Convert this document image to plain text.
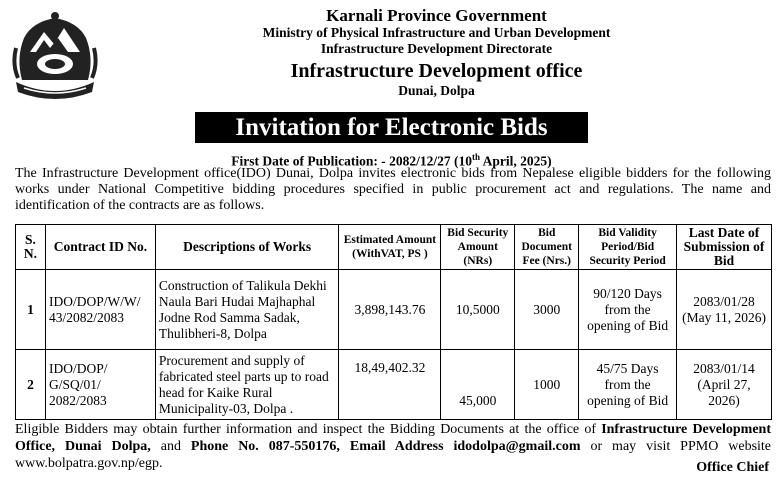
Karnali Province Government
Ministry of Physical Infrastructure and Urban Development
Infrastructure Development Directorate
Infrastructure Development office
Dunai, Dolpa
Invitation for Electronic Bids
First Date of Publication: - 2082/12/27 (10th April, 2025)
The Infrastructure Development office(IDO) Dunai, Dolpa invites electronic bids from Nepalese eligible bidders for the following works under National Competitive bidding procedures specified in public procurement act and regulations. The name and identification of the contracts are as follows.
S. N.	Contract ID No.	Descriptions of Works	Estimated Amount (WithVAT, PS )	Bid Security Amount (NRs)	Bid Document Fee (Nrs.)	Bid Validity Period/Bid Security Period	Last Date of Submission of Bid
1	IDO/DOP/W/W/ 43/2082/2083	Construction of Talikula Dekhi Naula Bari Hudai Majhaphal Jodne Rod Samma Sadak, Thulibheri-8, Dolpa	3,898,143.76	10,5000	3000	90/120 Days from the opening of Bid	2083/01/28 (May 11, 2026)
2	IDO/DOP/ G/SQ/01/ 2082/2083	Procurement and supply of fabricated steel parts up to road head for Kaike Rural Municipality-03, Dolpa .	18,49,402.32	45,000	1000	45/75 Days from the opening of Bid	2083/01/14 (April 27, 2026)
Eligible Bidders may obtain further information and inspect the Bidding Documents at the office of Infrastructure Development Office, Dunai Dolpa, and Phone No. 087-550176, Email Address idodolpa@gmail.com or may visit PPMO website www.bolpatra.gov.np/egp.	Office Chief
